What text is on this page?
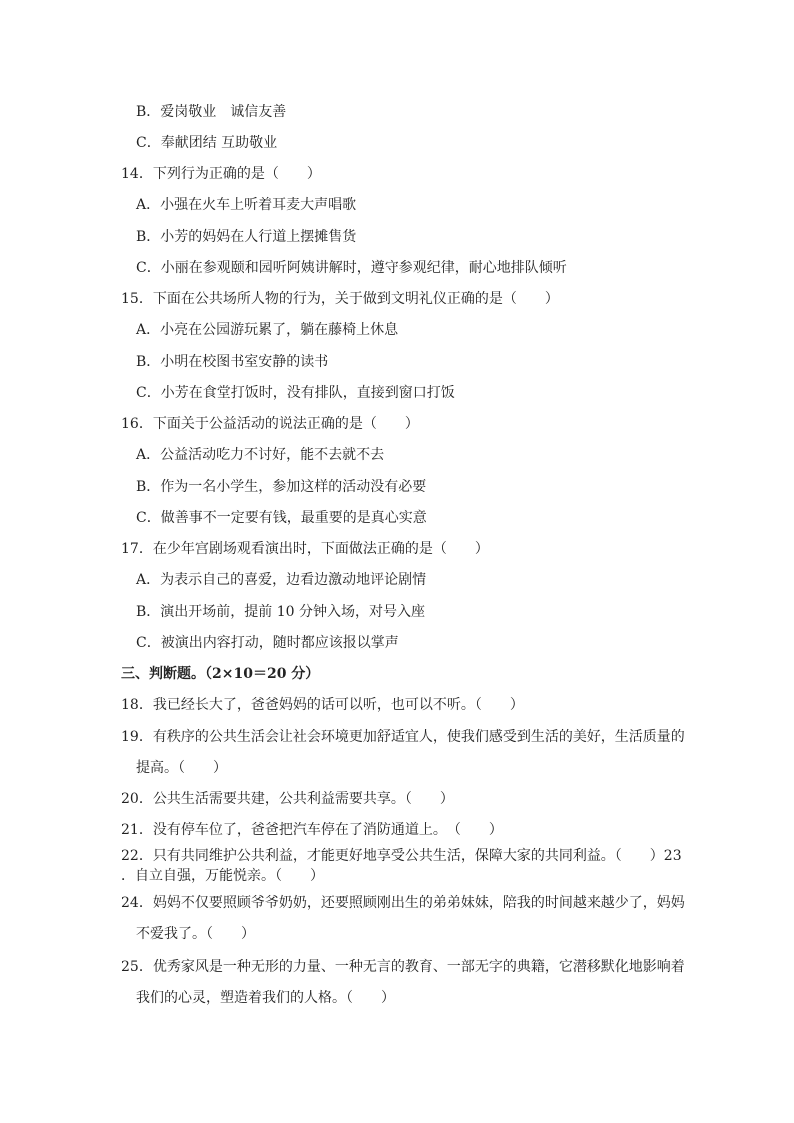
B．爱岗敬业　诚信友善
C．奉献团结 互助敬业
14．下列行为正确的是（　　）
A．小强在火车上听着耳麦大声唱歌
B．小芳的妈妈在人行道上摆摊售货
C．小丽在参观颐和园听阿姨讲解时，遵守参观纪律，耐心地排队倾听
15．下面在公共场所人物的行为，关于做到文明礼仪正确的是（　　）
A．小亮在公园游玩累了，躺在藤椅上休息
B．小明在校图书室安静的读书
C．小芳在食堂打饭时，没有排队，直接到窗口打饭
16．下面关于公益活动的说法正确的是（　　）
A．公益活动吃力不讨好，能不去就不去
B．作为一名小学生，参加这样的活动没有必要
C．做善事不一定要有钱，最重要的是真心实意
17．在少年宫剧场观看演出时，下面做法正确的是（　　）
A．为表示自己的喜爱，边看边激动地评论剧情
B．演出开场前，提前 10 分钟入场，对号入座
C．被演出内容打动，随时都应该报以掌声
三、判断题。（2×10＝20 分）
18．我已经长大了，爸爸妈妈的话可以听，也可以不听。（　　）
19．有秩序的公共生活会让社会环境更加舒适宜人，使我们感受到生活的美好，生活质量的
提高。（　　）
20．公共生活需要共建，公共利益需要共享。（　　）
21．没有停车位了，爸爸把汽车停在了消防通道上。　（　　）
22．只有共同维护公共利益，才能更好地享受公共生活，保障大家的共同利益。（　　）23
．自立自强，万能悦亲。（　　）
24．妈妈不仅要照顾爷爷奶奶，还要照顾刚出生的弟弟妹妹，陪我的时间越来越少了，妈妈
不爱我了。（　　）
25．优秀家风是一种无形的力量、一种无言的教育、一部无字的典籍，它潜移默化地影响着
我们的心灵，塑造着我们的人格。（　　）
